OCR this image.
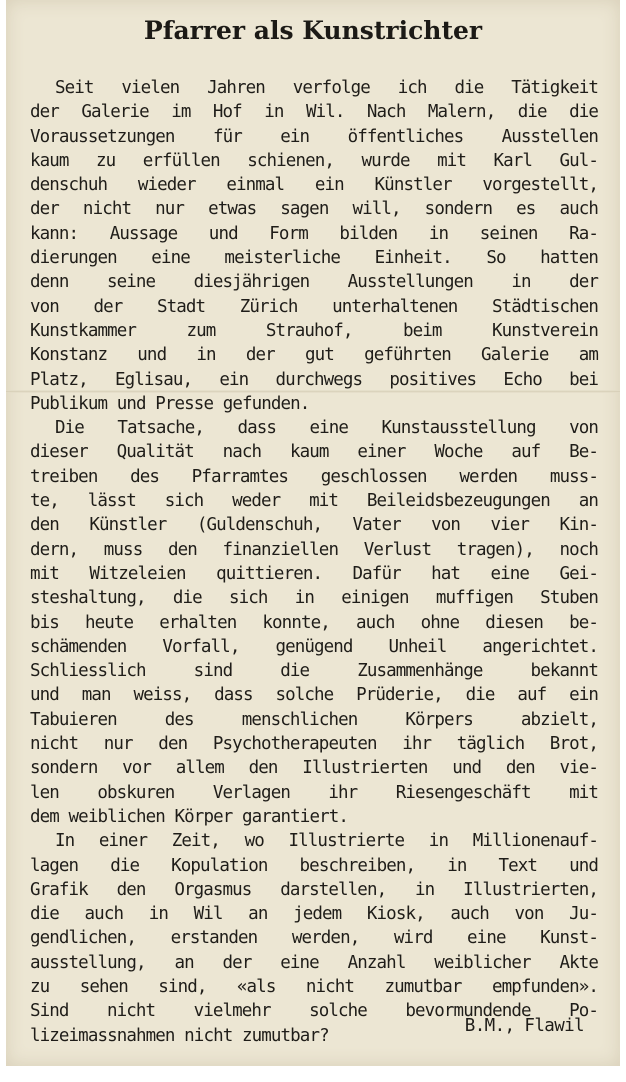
Pfarrer als Kunstrichter
Seit vielen Jahren verfolge ich die Tätigkeit
der Galerie im Hof in Wil. Nach Malern, die die
Voraussetzungen für ein öffentliches Ausstellen
kaum zu erfüllen schienen, wurde mit Karl Gul-
denschuh wieder einmal ein Künstler vorgestellt,
der nicht nur etwas sagen will, sondern es auch
kann: Aussage und Form bilden in seinen Ra-
dierungen eine meisterliche Einheit. So hatten
denn seine diesjährigen Ausstellungen in der
von der Stadt Zürich unterhaltenen Städtischen
Kunstkammer zum Strauhof, beim Kunstverein
Konstanz und in der gut geführten Galerie am
Platz, Eglisau, ein durchwegs positives Echo bei
Publikum und Presse gefunden.
Die Tatsache, dass eine Kunstausstellung von
dieser Qualität nach kaum einer Woche auf Be-
treiben des Pfarramtes geschlossen werden muss-
te, lässt sich weder mit Beileidsbezeugungen an
den Künstler (Guldenschuh, Vater von vier Kin-
dern, muss den finanziellen Verlust tragen), noch
mit Witzeleien quittieren. Dafür hat eine Gei-
steshaltung, die sich in einigen muffigen Stuben
bis heute erhalten konnte, auch ohne diesen be-
schämenden Vorfall, genügend Unheil angerichtet.
Schliesslich sind die Zusammenhänge bekannt
und man weiss, dass solche Prüderie, die auf ein
Tabuieren des menschlichen Körpers abzielt,
nicht nur den Psychotherapeuten ihr täglich Brot,
sondern vor allem den Illustrierten und den vie-
len obskuren Verlagen ihr Riesengeschäft mit
dem weiblichen Körper garantiert.
In einer Zeit, wo Illustrierte in Millionenauf-
lagen die Kopulation beschreiben, in Text und
Grafik den Orgasmus darstellen, in Illustrierten,
die auch in Wil an jedem Kiosk, auch von Ju-
gendlichen, erstanden werden, wird eine Kunst-
ausstellung, an der eine Anzahl weiblicher Akte
zu sehen sind, «als nicht zumutbar empfunden».
Sind nicht vielmehr solche bevormundende Po-
lizeimassnahmen nicht zumutbar?	B.M., Flawil
